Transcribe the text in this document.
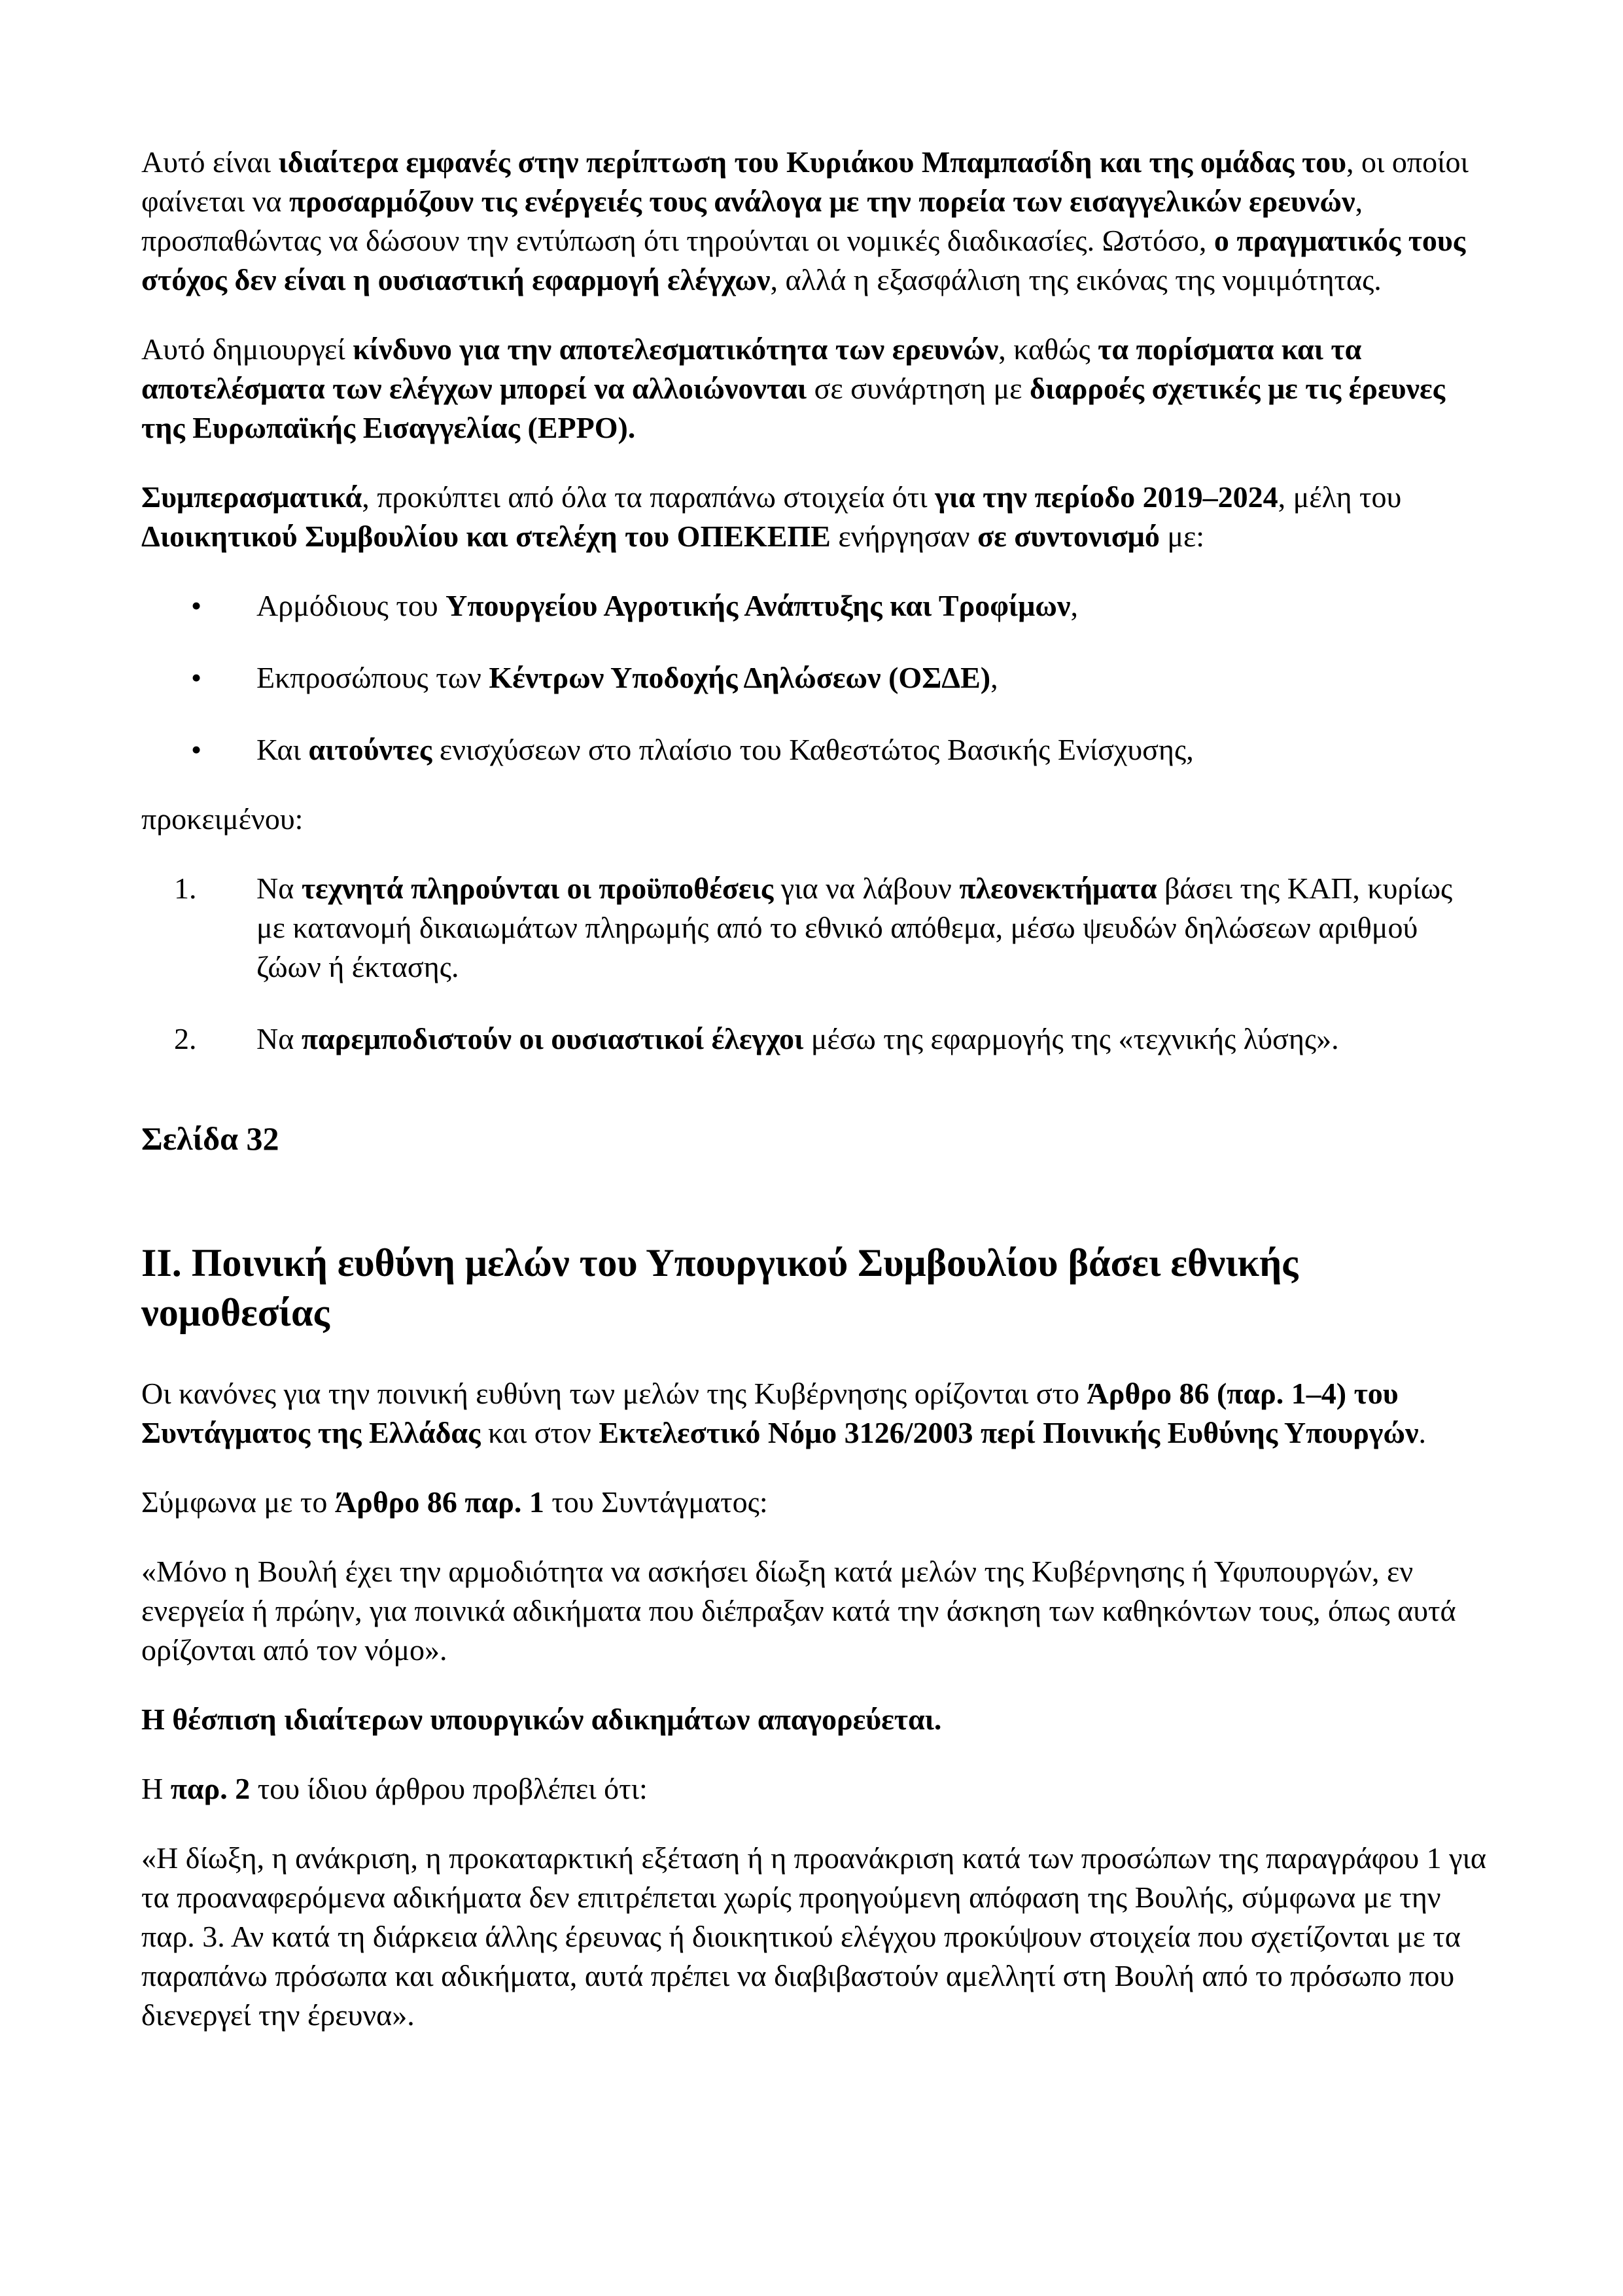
Αυτό είναι ιδιαίτερα εμφανές στην περίπτωση του Κυριάκου Μπαμπασίδη και της ομάδας του, οι οποίοι φαίνεται να προσαρμόζουν τις ενέργειές τους ανάλογα με την πορεία των εισαγγελικών ερευνών, προσπαθώντας να δώσουν την εντύπωση ότι τηρούνται οι νομικές διαδικασίες. Ωστόσο, ο πραγματικός τους στόχος δεν είναι η ουσιαστική εφαρμογή ελέγχων, αλλά η εξασφάλιση της εικόνας της νομιμότητας.

Αυτό δημιουργεί κίνδυνο για την αποτελεσματικότητα των ερευνών, καθώς τα πορίσματα και τα αποτελέσματα των ελέγχων μπορεί να αλλοιώνονται σε συνάρτηση με διαρροές σχετικές με τις έρευνες της Ευρωπαϊκής Εισαγγελίας (EPPO).

Συμπερασματικά, προκύπτει από όλα τα παραπάνω στοιχεία ότι για την περίοδο 2019–2024, μέλη του Διοικητικού Συμβουλίου και στελέχη του ΟΠΕΚΕΠΕ ενήργησαν σε συντονισμό με:

•	Αρμόδιους του Υπουργείου Αγροτικής Ανάπτυξης και Τροφίμων,
•	Εκπροσώπους των Κέντρων Υποδοχής Δηλώσεων (ΟΣΔΕ),
•	Και αιτούντες ενισχύσεων στο πλαίσιο του Καθεστώτος Βασικής Ενίσχυσης,

προκειμένου:

1.	Να τεχνητά πληρούνται οι προϋποθέσεις για να λάβουν πλεονεκτήματα βάσει της ΚΑΠ, κυρίως με κατανομή δικαιωμάτων πληρωμής από το εθνικό απόθεμα, μέσω ψευδών δηλώσεων αριθμού ζώων ή έκτασης.
2.	Να παρεμποδιστούν οι ουσιαστικοί έλεγχοι μέσω της εφαρμογής της «τεχνικής λύσης».

Σελίδα 32

II. Ποινική ευθύνη μελών του Υπουργικού Συμβουλίου βάσει εθνικής νομοθεσίας

Οι κανόνες για την ποινική ευθύνη των μελών της Κυβέρνησης ορίζονται στο Άρθρο 86 (παρ. 1–4) του Συντάγματος της Ελλάδας και στον Εκτελεστικό Νόμο 3126/2003 περί Ποινικής Ευθύνης Υπουργών.

Σύμφωνα με το Άρθρο 86 παρ. 1 του Συντάγματος:

«Μόνο η Βουλή έχει την αρμοδιότητα να ασκήσει δίωξη κατά μελών της Κυβέρνησης ή Υφυπουργών, εν ενεργεία ή πρώην, για ποινικά αδικήματα που διέπραξαν κατά την άσκηση των καθηκόντων τους, όπως αυτά ορίζονται από τον νόμο».

Η θέσπιση ιδιαίτερων υπουργικών αδικημάτων απαγορεύεται.

Η παρ. 2 του ίδιου άρθρου προβλέπει ότι:

«Η δίωξη, η ανάκριση, η προκαταρκτική εξέταση ή η προανάκριση κατά των προσώπων της παραγράφου 1 για τα προαναφερόμενα αδικήματα δεν επιτρέπεται χωρίς προηγούμενη απόφαση της Βουλής, σύμφωνα με την παρ. 3. Αν κατά τη διάρκεια άλλης έρευνας ή διοικητικού ελέγχου προκύψουν στοιχεία που σχετίζονται με τα παραπάνω πρόσωπα και αδικήματα, αυτά πρέπει να διαβιβαστούν αμελλητί στη Βουλή από το πρόσωπο που διενεργεί την έρευνα».
